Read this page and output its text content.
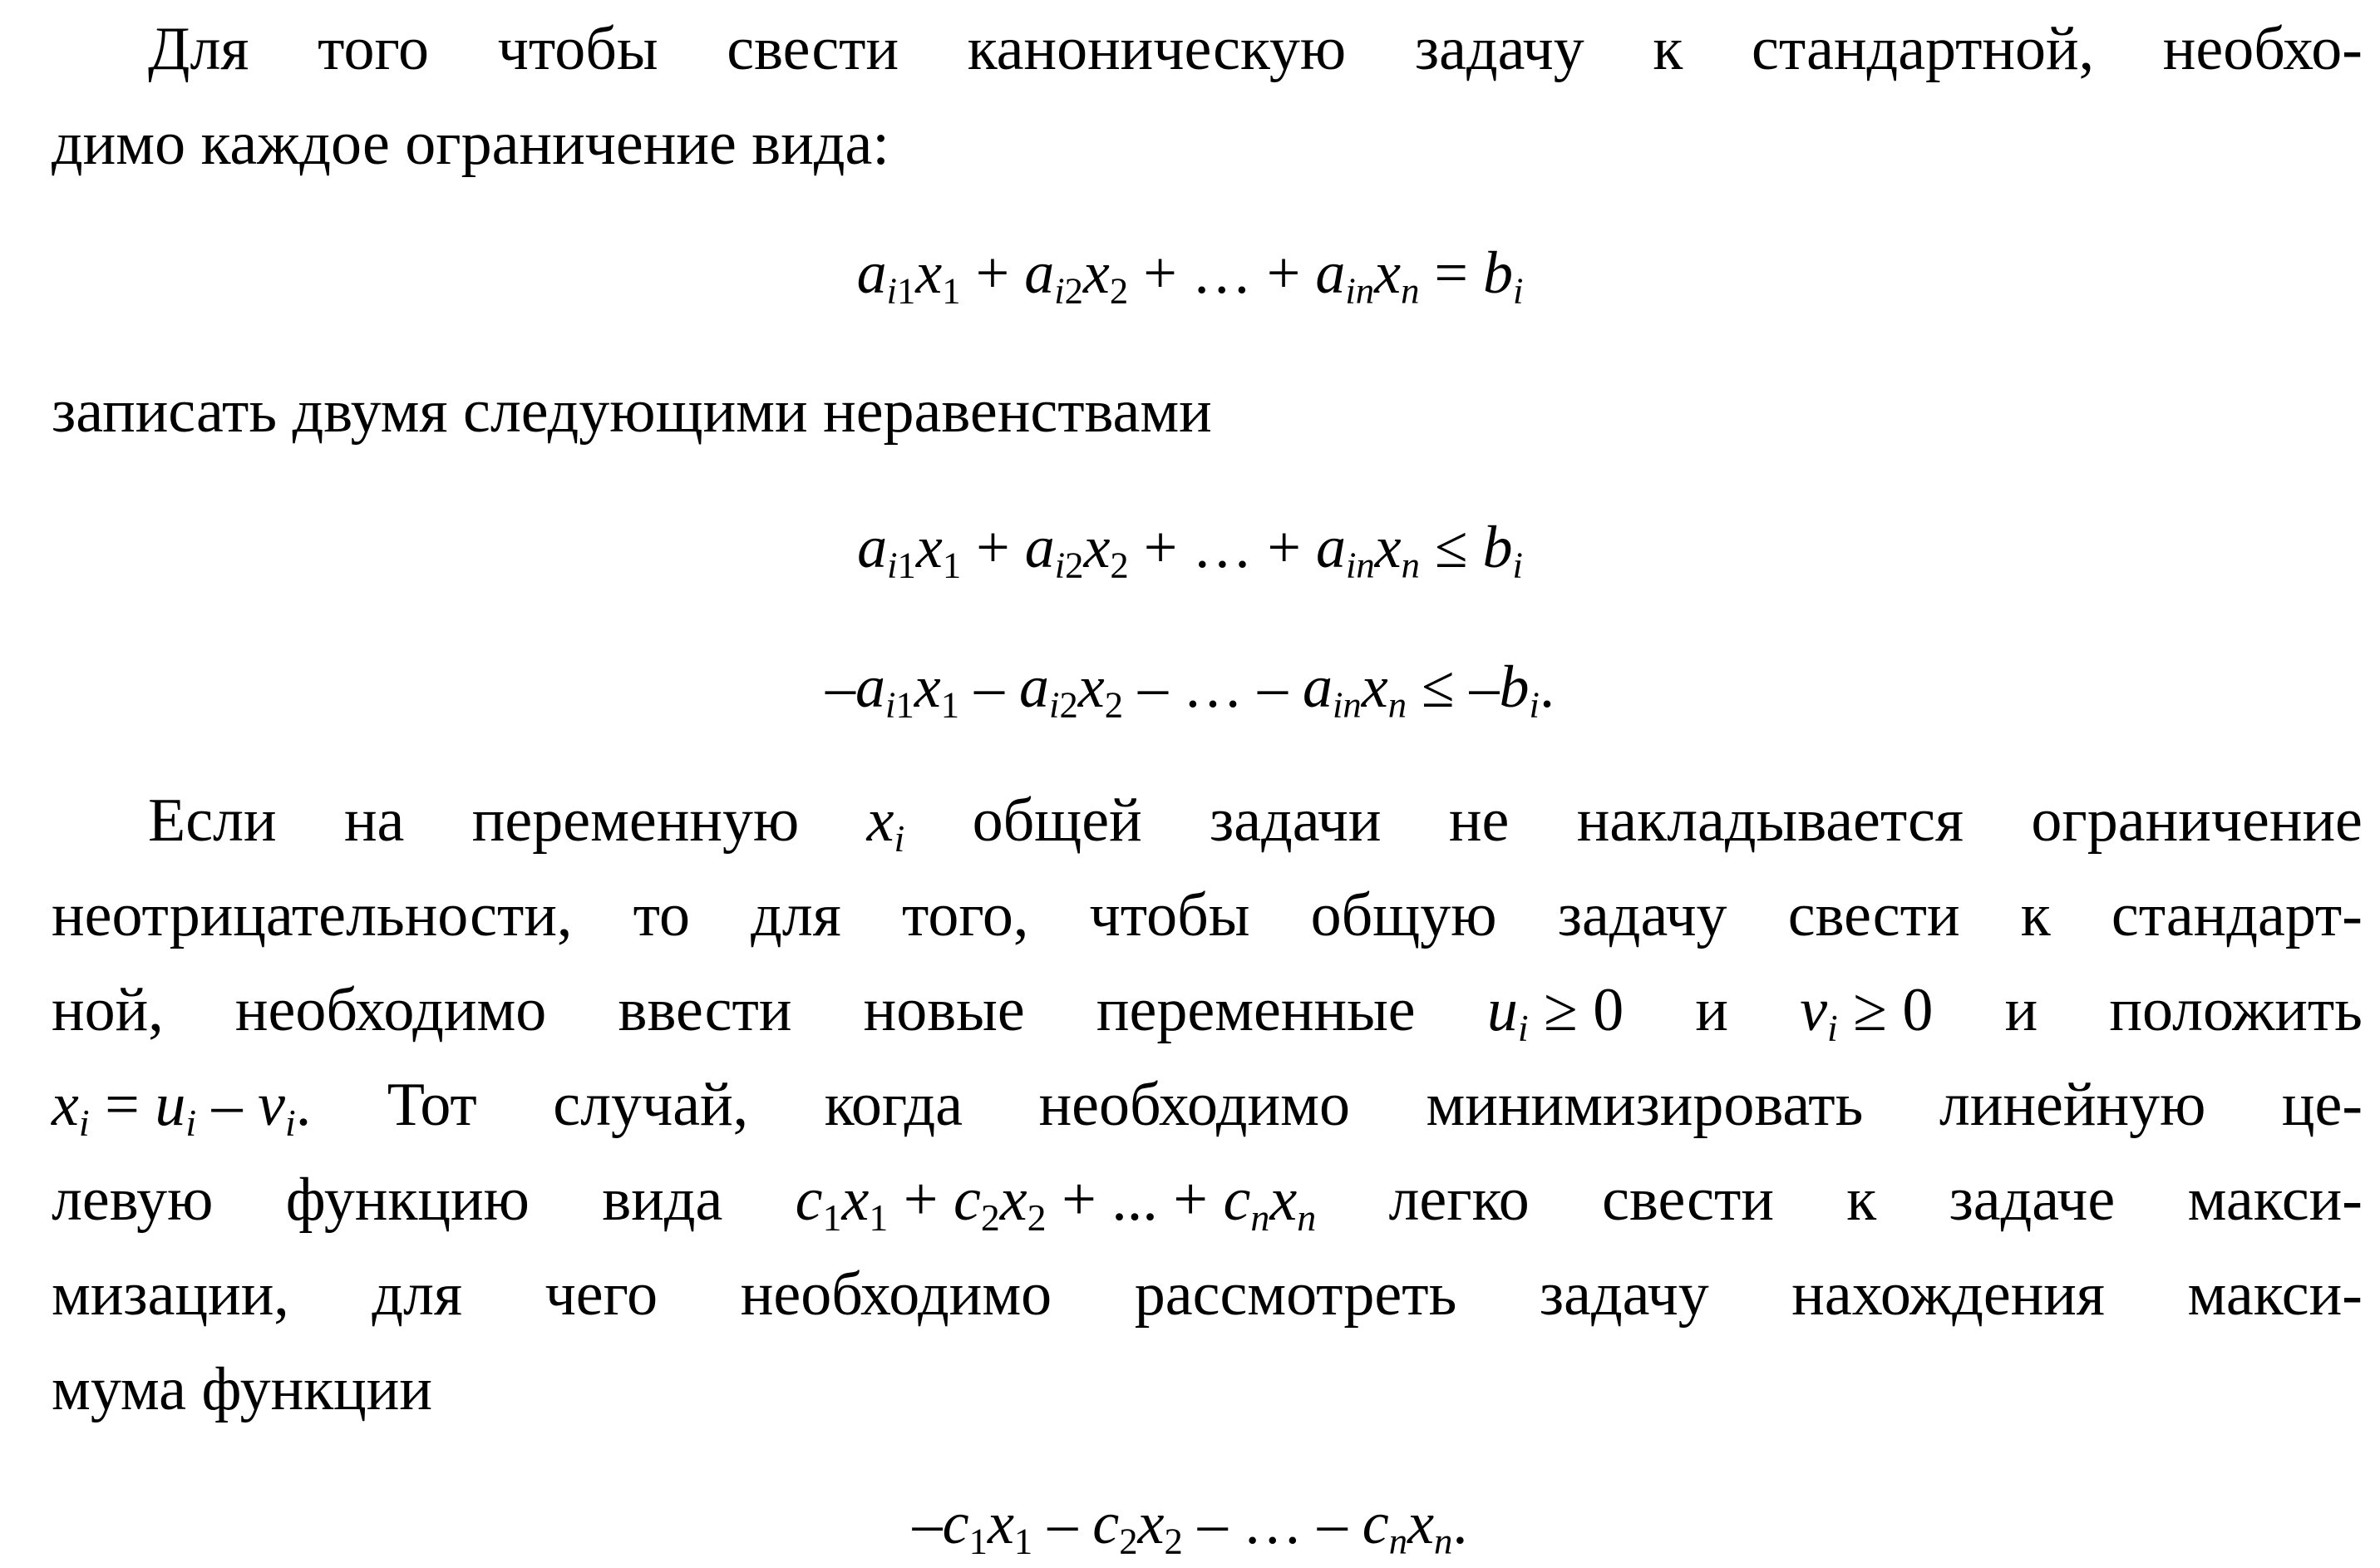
Для того чтобы свести каноническую задачу к стандартной, необхо-
димо каждое ограничение вида:
$a_{i1}x_1 + a_{i2}x_2$ + … + $a_{in}x_n = b_i$
записать двумя следующими неравенствами
$a_{i1}x_1 + a_{i2}x_2$ + … + $a_{in}x_n \le b_i$
$-a_{i1}x_1 - a_{i2}x_2$ – … – $a_{in}x_n \le -b_i$.
Если на переменную $x_i$ общей задачи не накладывается ограничение
неотрицательности, то для того, чтобы общую задачу свести к стандарт-
ной, необходимо ввести новые переменные $u_i \ge 0$ и $v_i \ge 0$ и положить
$x_i = u_i - v_i$. Тот случай, когда необходимо минимизировать линейную це-
левую функцию вида $c_1x_1 + c_2x_2$ + ... + $c_nx_n$ легко свести к задаче макси-
мизации, для чего необходимо рассмотреть задачу нахождения макси-
мума функции
$-c_1x_1 - c_2x_2$ – … – $c_nx_n$.
